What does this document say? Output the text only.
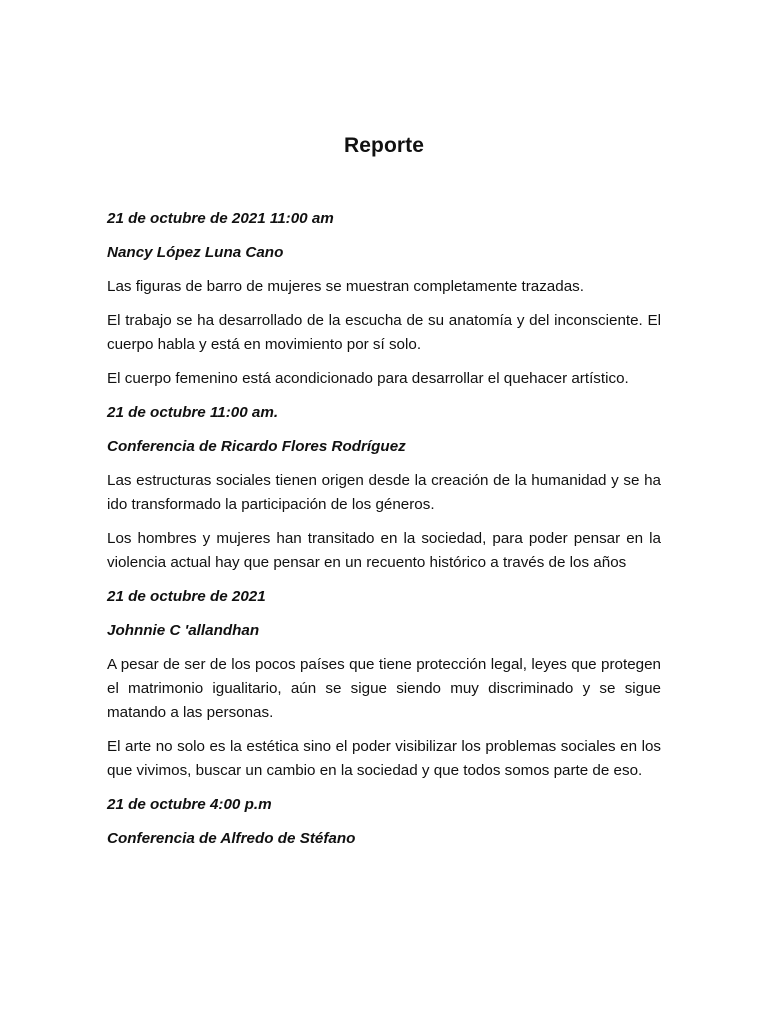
Reporte

21 de octubre de 2021 11:00 am

Nancy López Luna Cano

Las figuras de barro de mujeres se muestran completamente trazadas.

El trabajo se ha desarrollado de la escucha de su anatomía y del inconsciente. El cuerpo habla y está en movimiento por sí solo.

El cuerpo femenino está acondicionado para desarrollar el quehacer artístico.

21 de octubre 11:00 am.

Conferencia de Ricardo Flores Rodríguez

Las estructuras sociales tienen origen desde la creación de la humanidad y se ha ido transformado la participación de los géneros.

Los hombres y mujeres han transitado en la sociedad, para poder pensar en la violencia actual hay que pensar en un recuento histórico a través de los años

21 de octubre de 2021

Johnnie C 'allandhan

A pesar de ser de los pocos países que tiene protección legal, leyes que protegen el matrimonio igualitario, aún se sigue siendo muy discriminado y se sigue matando a las personas.

El arte no solo es la estética sino el poder visibilizar los problemas sociales en los que vivimos, buscar un cambio en la sociedad y que todos somos parte de eso.

21 de octubre 4:00 p.m

Conferencia de Alfredo de Stéfano
